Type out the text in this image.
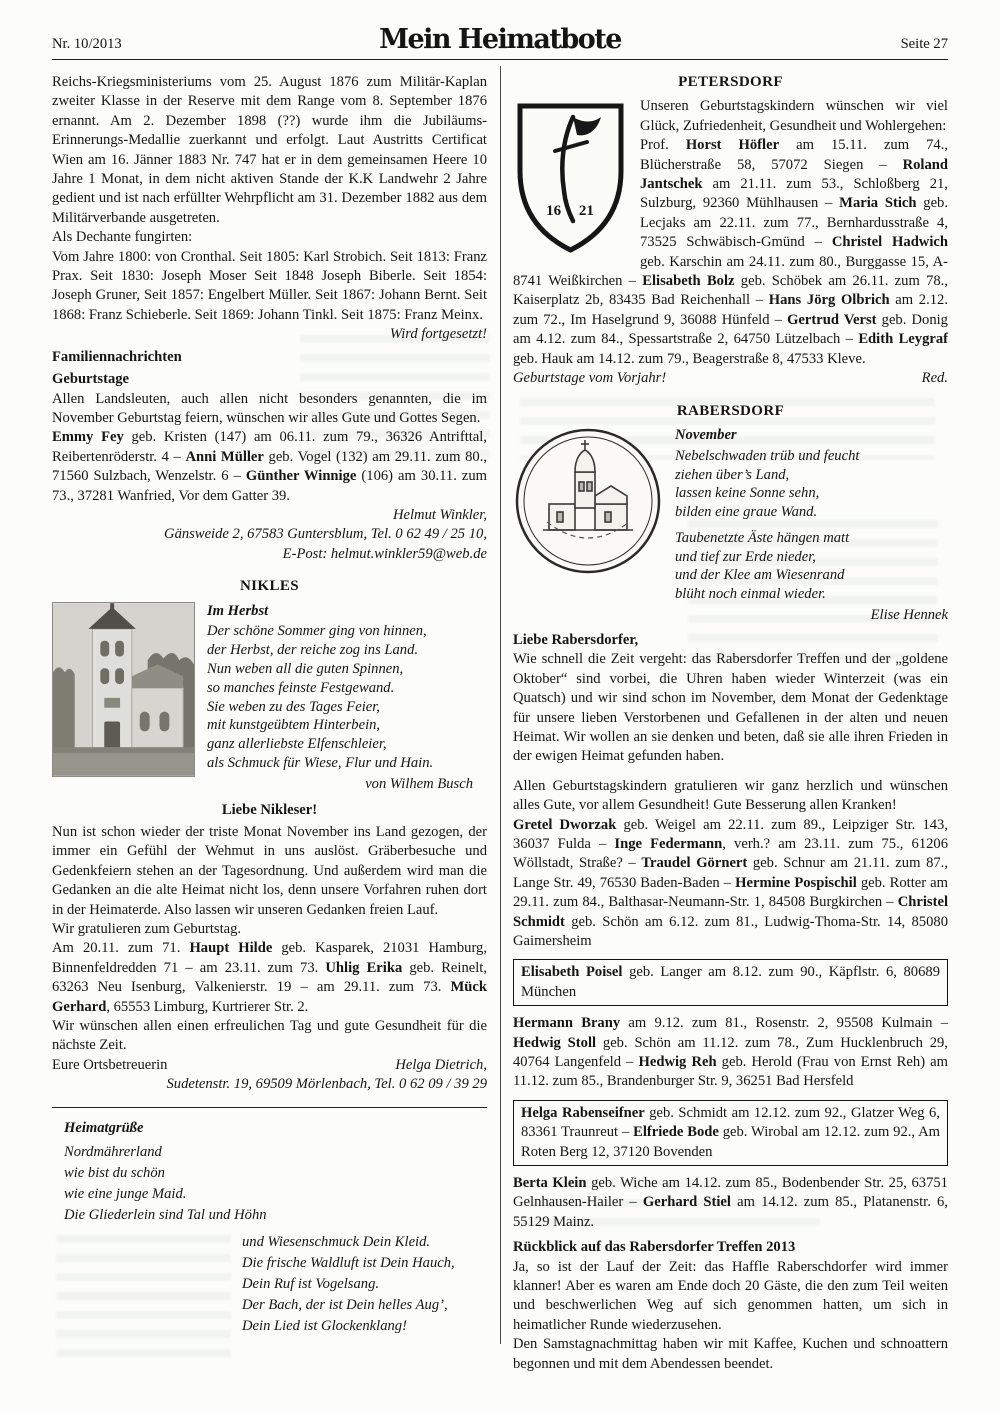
Nr. 10/2013	Mein Heimatbote	Seite 27

Reichs-Kriegsministeriums vom 25. August 1876 zum Militär-Kaplan zweiter Klasse in der Reserve mit dem Range vom 8. September 1876 ernannt. Am 2. Dezember 1898 (??) wurde ihm die Jubiläums-Erinnerungs-Medallie zuerkannt und erfolgt. Laut Austritts Certificat Wien am 16. Jänner 1883 Nr. 747 hat er in dem gemeinsamen Heere 10 Jahre 1 Monat, in dem nicht aktiven Stande der K.K Landwehr 2 Jahre gedient und ist nach erfüllter Wehrpflicht am 31. Dezember 1882 aus dem Militärverbande ausgetreten.

Als Dechante fungirten:

Vom Jahre 1800: von Cronthal. Seit 1805: Karl Strobich. Seit 1813: Franz Prax. Seit 1830: Joseph Moser Seit 1848 Joseph Biberle. Seit 1854: Joseph Gruner, Seit 1857: Engelbert Müller. Seit 1867: Johann Bernt. Seit 1868: Franz Schieberle. Seit 1869: Johann Tinkl. Seit 1875: Franz Meinx.

Wird fortgesetzt!
Familiennachrichten
Geburtstage

Allen Landsleuten, auch allen nicht besonders genannten, die im November Geburtstag feiern, wünschen wir alles Gute und Gottes Segen.

Emmy Fey geb. Kristen (147) am 06.11. zum 79., 36326 Antrifttal, Reibertenröderstr. 4 – Anni Müller geb. Vogel (132) am 29.11. zum 80., 71560 Sulzbach, Wenzelstr. 6 – Günther Winnige (106) am 30.11. zum 73., 37281 Wanfried, Vor dem Gatter 39.

Helmut Winkler,
Gänsweide 2, 67583 Guntersblum, Tel. 0 62 49 / 25 10,
E-Post: helmut.winkler59@web.de
NIKLES
Im Herbst
Der schöne Sommer ging von hinnen,
der Herbst, der reiche zog ins Land.
Nun weben all die guten Spinnen,
so manches feinste Festgewand.
Sie weben zu des Tages Feier,
mit kunstgeübtem Hinterbein,
ganz allerliebste Elfenschleier,
als Schmuck für Wiese, Flur und Hain.
von Wilhem Busch
Liebe Nikleser!

Nun ist schon wieder der triste Monat November ins Land gezogen, der immer ein Gefühl der Wehmut in uns auslöst. Gräberbesuche und Gedenkfeiern stehen an der Tagesordnung. Und außerdem wird man die Gedanken an die alte Heimat nicht los, denn unsere Vorfahren ruhen dort in der Heimaterde. Also lassen wir unseren Gedanken freien Lauf.

Wir gratulieren zum Geburtstag.

Am 20.11. zum 71. Haupt Hilde geb. Kasparek, 21031 Hamburg, Binnenfeldredden 71 – am 23.11. zum 73. Uhlig Erika geb. Reinelt, 63263 Neu Isenburg, Valkenierstr. 19 – am 29.11. zum 73. Mück Gerhard, 65553 Limburg, Kurtrierer Str. 2.

Wir wünschen allen einen erfreulichen Tag und gute Gesundheit für die nächste Zeit.

Eure Ortsbetreuerin	Helga Dietrich,
Sudetenstr. 19, 69509 Mörlenbach, Tel. 0 62 09 / 39 29
Heimatgrüße
Nordmährerland
wie bist du schön
wie eine junge Maid.
Die Gliederlein sind Tal und Höhn
und Wiesenschmuck Dein Kleid.
Die frische Waldluft ist Dein Hauch,
Dein Ruf ist Vogelsang.
Der Bach, der ist Dein helles Aug’,
Dein Lied ist Glockenklang!
PETERSDORF
16 21

Unseren Geburtstagskindern wünschen wir viel Glück, Zufriedenheit, Gesundheit und Wohlergehen:

Prof. Horst Höfler am 15.11. zum 74., Blücherstraße 58, 57072 Siegen – Roland Jantschek am 21.11. zum 53., Schloßberg 21, Sulzburg, 92360 Mühlhausen – Maria Stich geb. Lecjaks am 22.11. zum 77., Bernhardusstraße 4, 73525 Schwäbisch-Gmünd – Christel Hadwich geb. Karschin am 24.11. zum 80., Burggasse 15, A-8741 Weißkirchen – Elisabeth Bolz geb. Schöbek am 26.11. zum 78., Kaiserplatz 2b, 83435 Bad Reichenhall – Hans Jörg Olbrich am 2.12. zum 72., Im Haselgrund 9, 36088 Hünfeld – Gertrud Verst geb. Donig am 4.12. zum 84., Spessartstraße 2, 64750 Lützelbach – Edith Leygraf geb. Hauk am 14.12. zum 79., Beagerstraße 8, 47533 Kleve.

Geburtstage vom Vorjahr!	Red.
RABERSDORF
November
Nebelschwaden trüb und feucht
ziehen über’s Land,
lassen keine Sonne sehn,
bilden eine graue Wand.
Taubenetzte Äste hängen matt
und tief zur Erde nieder,
und der Klee am Wiesenrand
blüht noch einmal wieder.
Elise Hennek
Liebe Rabersdorfer,

Wie schnell die Zeit vergeht: das Rabersdorfer Treffen und der „goldene Oktober“ sind vorbei, die Uhren haben wieder Winterzeit (was ein Quatsch) und wir sind schon im November, dem Monat der Gedenktage für unsere lieben Verstorbenen und Gefallenen in der alten und neuen Heimat. Wir wollen an sie denken und beten, daß sie alle ihren Frieden in der ewigen Heimat gefunden haben.

Allen Geburtstagskindern gratulieren wir ganz herzlich und wünschen alles Gute, vor allem Gesundheit! Gute Besserung allen Kranken!

Gretel Dworzak geb. Weigel am 22.11. zum 89., Leipziger Str. 143, 36037 Fulda – Inge Federmann, verh.? am 23.11. zum 75., 61206 Wöllstadt, Straße? – Traudel Görnert geb. Schnur am 21.11. zum 87., Lange Str. 49, 76530 Baden-Baden – Hermine Pospischil geb. Rotter am 29.11. zum 84., Balthasar-Neumann-Str. 1, 84508 Burgkirchen – Christel Schmidt geb. Schön am 6.12. zum 81., Ludwig-Thoma-Str. 14, 85080 Gaimersheim

Elisabeth Poisel geb. Langer am 8.12. zum 90., Käpflstr. 6, 80689 München

Hermann Brany am 9.12. zum 81., Rosenstr. 2, 95508 Kulmain – Hedwig Stoll geb. Schön am 11.12. zum 78., Zum Hucklenbruch 29, 40764 Langenfeld – Hedwig Reh geb. Herold (Frau von Ernst Reh) am 11.12. zum 85., Brandenburger Str. 9, 36251 Bad Hersfeld

Helga Rabenseifner geb. Schmidt am 12.12. zum 92., Glatzer Weg 6, 83361 Traunreut – Elfriede Bode geb. Wirobal am 12.12. zum 92., Am Roten Berg 12, 37120 Bovenden

Berta Klein geb. Wiche am 14.12. zum 85., Bodenbender Str. 25, 63751 Gelnhausen-Hailer – Gerhard Stiel am 14.12. zum 85., Platanenstr. 6, 55129 Mainz.

Rückblick auf das Rabersdorfer Treffen 2013

Ja, so ist der Lauf der Zeit: das Haffle Raberschdorfer wird immer klanner! Aber es waren am Ende doch 20 Gäste, die den zum Teil weiten und beschwerlichen Weg auf sich genommen hatten, um sich in heimatlicher Runde wiederzusehen.

Den Samstagnachmittag haben wir mit Kaffee, Kuchen und schnoattern begonnen und mit dem Abendessen beendet.
